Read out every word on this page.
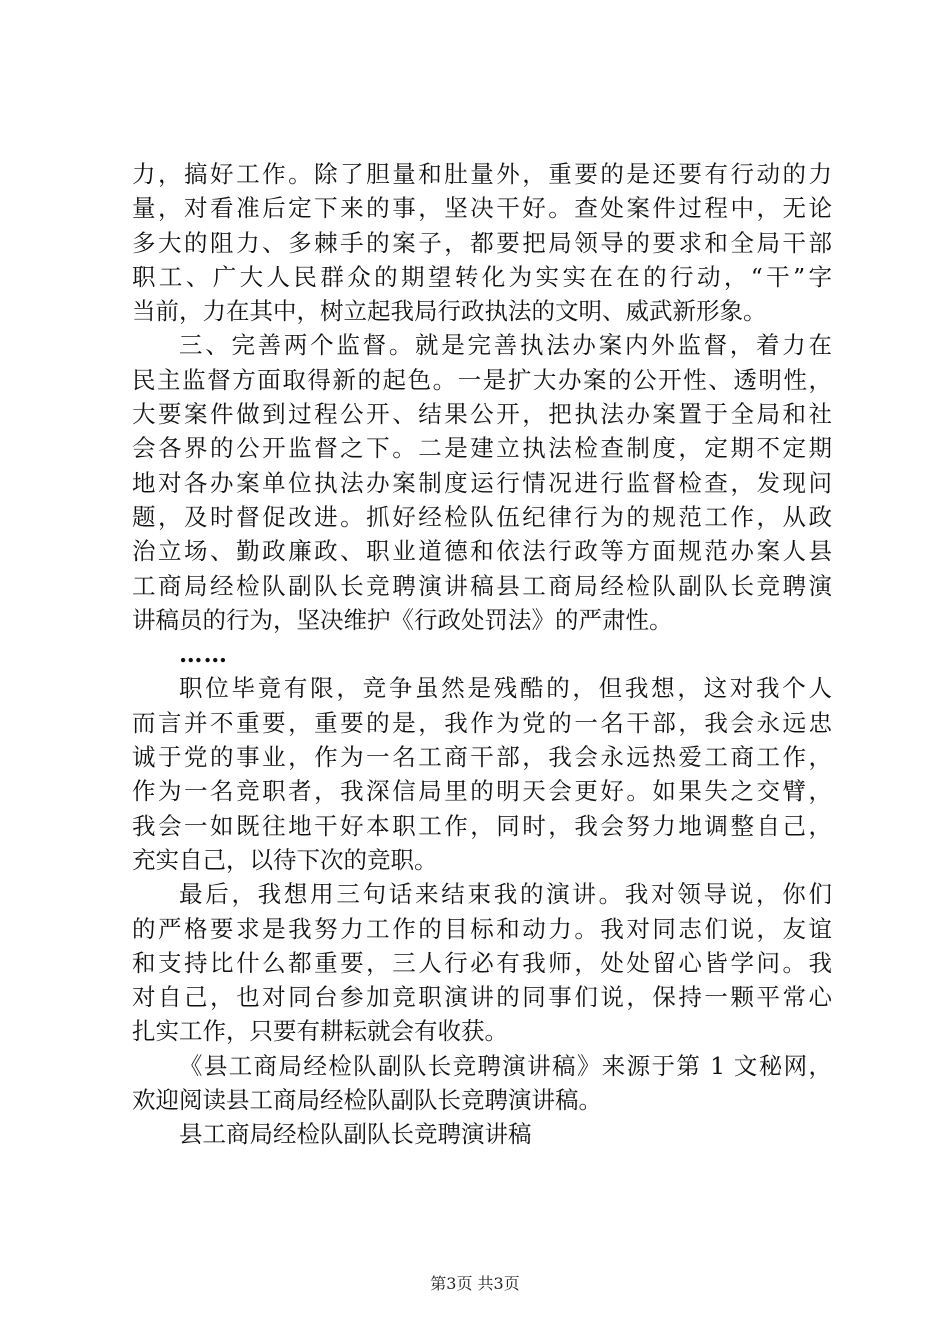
力，搞好工作。除了胆量和肚量外，重要的是还要有行动的力
量，对看准后定下来的事，坚决干好。查处案件过程中，无论
多大的阻力、多棘手的案子，都要把局领导的要求和全局干部
职工、广大人民群众的期望转化为实实在在的行动，“干”字
当前，力在其中，树立起我局行政执法的文明、威武新形象。
三、完善两个监督。就是完善执法办案内外监督，着力在
民主监督方面取得新的起色。一是扩大办案的公开性、透明性，
大要案件做到过程公开、结果公开，把执法办案置于全局和社
会各界的公开监督之下。二是建立执法检查制度，定期不定期
地对各办案单位执法办案制度运行情况进行监督检查，发现问
题，及时督促改进。抓好经检队伍纪律行为的规范工作，从政
治立场、勤政廉政、职业道德和依法行政等方面规范办案人县
工商局经检队副队长竞聘演讲稿县工商局经检队副队长竞聘演
讲稿员的行为，坚决维护《行政处罚法》的严肃性。
……
职位毕竟有限，竞争虽然是残酷的，但我想，这对我个人
而言并不重要，重要的是，我作为党的一名干部，我会永远忠
诚于党的事业，作为一名工商干部，我会永远热爱工商工作，
作为一名竞职者，我深信局里的明天会更好。如果失之交臂，
我会一如既往地干好本职工作，同时，我会努力地调整自己，
充实自己，以待下次的竞职。
最后，我想用三句话来结束我的演讲。我对领导说，你们
的严格要求是我努力工作的目标和动力。我对同志们说，友谊
和支持比什么都重要，三人行必有我师，处处留心皆学问。我
对自己，也对同台参加竞职演讲的同事们说，保持一颗平常心
扎实工作，只要有耕耘就会有收获。
《县工商局经检队副队长竞聘演讲稿》来源于第 1 文秘网，
欢迎阅读县工商局经检队副队长竞聘演讲稿。
县工商局经检队副队长竞聘演讲稿
第3页 共3页
